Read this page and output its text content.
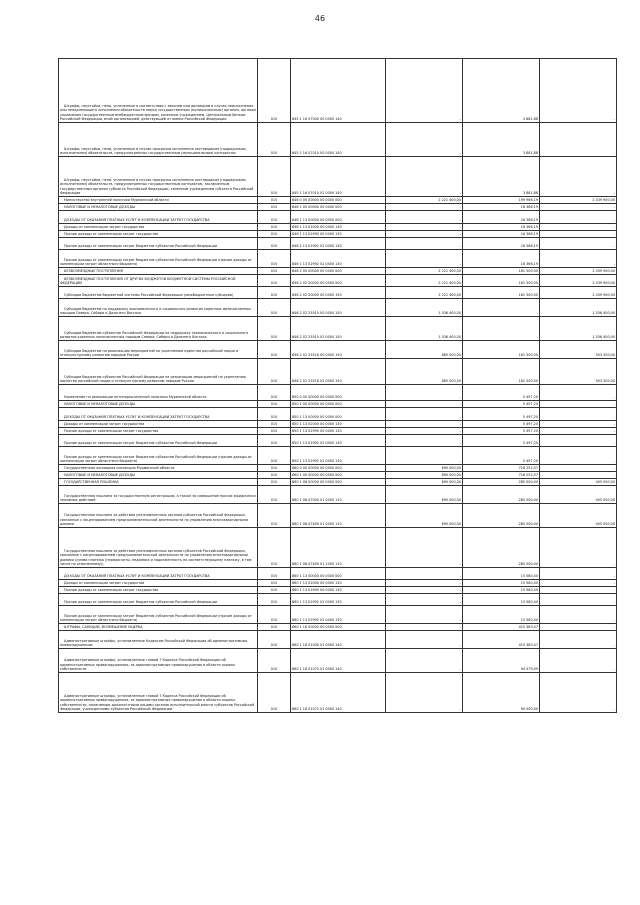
46
Штрафы, неустойки, пени, уплаченные в соответствии с законом или договором в случае неисполнения или ненадлежащего исполнения обязательств перед государственным (муниципальным) органом, органом управления государственным внебюджетным фондом, казенным учреждением, Центральным банком Российской Федерации, иной организацией, действующей от имени Российской Федерации	010	845 1 16 07000 00 0000 140	-	3 881,88	-

Штрафы, неустойки, пени, уплаченные в случае просрочки исполнения поставщиком (подрядчиком, исполнителем) обязательств, предусмотренных государственным (муниципальным) контрактом	010	845 1 16 07010 00 0000 140	-	3 881,88	-

Штрафы, неустойки, пени, уплаченные в случае просрочки исполнения поставщиком (подрядчиком, исполнителем) обязательств, предусмотренных государственным контрактом, заключенным государственным органом субъекта Российской Федерации, казенным учреждением субъекта Российской Федерации	010	845 1 16 07010 02 0000 140	-	3 881,88	-

Министерство внутренней политики Мурманской области	010	846 0 00 00000 00 0000 000	2 221 400,00	199 966,19	2 039 900,00

НАЛОГОВЫЕ И НЕНАЛОГОВЫЕ ДОХОДЫ	010	846 1 00 00000 00 0000 000	-	16 366,19	-

ДОХОДЫ ОТ ОКАЗАНИЯ ПЛАТНЫХ УСЛУГ И КОМПЕНСАЦИИ ЗАТРАТ ГОСУДАРСТВА	010	846 1 13 00000 00 0000 000	-	16 366,19	-

Доходы от компенсации затрат государства	010	846 1 13 02000 00 0000 130	-	16 366,19	-

Прочие доходы от компенсации затрат государства	010	846 1 13 02990 00 0000 130	-	16 366,19	-

Прочие доходы от компенсации затрат бюджетов субъектов Российской Федерации	010	846 1 13 02992 02 0000 130	-	16 366,19	-

Прочие доходы от компенсации затрат бюджетов субъектов Российской Федерации (прочие доходы от компенсации затрат областного бюджета)	010	846 1 13 02992 02 0400 130	-	16 366,19	-

БЕЗВОЗМЕЗДНЫЕ ПОСТУПЛЕНИЯ	010	846 2 00 00000 00 0000 000	2 221 400,00	181 500,00	2 039 900,00

БЕЗВОЗМЕЗДНЫЕ ПОСТУПЛЕНИЯ ОТ ДРУГИХ БЮДЖЕТОВ БЮДЖЕТНОЙ СИСТЕМЫ РОССИЙСКОЙ ФЕДЕРАЦИИ	010	846 2 02 00000 00 0000 000	2 221 400,00	181 500,00	2 039 900,00

Субсидии бюджетам бюджетной системы Российской Федерации (межбюджетные субсидии)	010	846 2 02 20000 00 0000 150	2 221 400,00	181 500,00	2 039 900,00

Субсидии бюджетам на поддержку экономического и социального развития коренных малочисленных народов Севера, Сибири и Дальнего Востока	010	846 2 02 25515 00 0000 150	1 536 400,00	-	1 536 400,00

Субсидии бюджетам субъектов Российской Федерации на поддержку экономического и социального развития коренных малочисленных народов Севера, Сибири и Дальнего Востока	010	846 2 02 25515 02 0000 150	1 536 400,00	-	1 536 400,00

Субсидии бюджетам на реализацию мероприятий по укреплению единства российской нации и этнокультурному развитию народов России	010	846 2 02 25516 00 0000 150	685 000,00	181 500,00	503 500,00

Субсидии бюджетам субъектов Российской Федерации на реализацию мероприятий по укреплению единства российской нации и этнокультурному развитию народов России	010	846 2 02 25516 02 0000 150	685 000,00	181 500,00	503 500,00

Управление по реализации антинаркотической политики Мурманской области	010	850 0 00 00000 00 0000 000	-	5 497,20	-

НАЛОГОВЫЕ И НЕНАЛОГОВЫЕ ДОХОДЫ	010	850 1 00 00000 00 0000 000	-	5 497,20	-

ДОХОДЫ ОТ ОКАЗАНИЯ ПЛАТНЫХ УСЛУГ И КОМПЕНСАЦИИ ЗАТРАТ ГОСУДАРСТВА	010	850 1 13 00000 00 0000 000	-	5 497,20	-

Доходы от компенсации затрат государства	010	850 1 13 02000 00 0000 130	-	5 497,20	-

Прочие доходы от компенсации затрат государства	010	850 1 13 02990 00 0000 130	-	5 497,20	-

Прочие доходы от компенсации затрат бюджетов субъектов Российской Федерации	010	850 1 13 02992 02 0000 130	-	5 497,20	-

Прочие доходы от компенсации затрат бюджетов субъектов Российской Федерации (прочие доходы от компенсации затрат областного бюджета)	010	850 1 13 02992 02 0400 130	-	5 497,20	-

Государственная жилищная инспекция Мурманской области	010	860 0 00 00000 00 0000 000	690 000,00	716 252,57	-

НАЛОГОВЫЕ И НЕНАЛОГОВЫЕ ДОХОДЫ	010	860 1 00 00000 00 0000 000	690 000,00	716 252,57	-

ГОСУДАРСТВЕННАЯ ПОШЛИНА	010	860 1 08 00000 00 0000 000	690 000,00	285 000,00	405 000,00

Государственная пошлина за государственную регистрацию, а также за совершение прочих юридически значимых действий	010	860 1 08 07000 01 0000 110	690 000,00	285 000,00	405 000,00

Государственная пошлина за действия уполномоченных органов субъектов Российской Федерации, связанные с лицензированием предпринимательской деятельности по управлению многоквартирными домами	010	860 1 08 07400 01 0000 110	690 000,00	285 000,00	405 000,00

Государственная пошлина за действия уполномоченных органов субъектов Российской Федерации, связанные с лицензированием предпринимательской деятельности по управлению многоквартирными домами (сумма платежа (перерасчеты, недоимка и задолженность по соответствующему платежу, в том числе по отмененному))	010	860 1 08 07400 01 1000 110	-	285 000,00	-

ДОХОДЫ ОТ ОКАЗАНИЯ ПЛАТНЫХ УСЛУГ И КОМПЕНСАЦИИ ЗАТРАТ ГОСУДАРСТВА	010	860 1 13 00000 00 0000 000	-	15 580,40	-

Доходы от компенсации затрат государства	010	860 1 13 02000 00 0000 130	-	15 580,40	-

Прочие доходы от компенсации затрат государства	010	860 1 13 02990 00 0000 130	-	15 580,40	-

Прочие доходы от компенсации затрат бюджетов субъектов Российской Федерации	010	860 1 13 02992 02 0000 130	-	15 580,40	-

Прочие доходы от компенсации затрат бюджетов субъектов Российской Федерации (прочие доходы от компенсации затрат областного бюджета)	010	860 1 13 02992 02 0400 130	-	15 580,40	-

ШТРАФЫ, САНКЦИИ, ВОЗМЕЩЕНИЕ УЩЕРБА	010	860 1 16 00000 00 0000 000	-	415 383,47	-

Административные штрафы, установленные Кодексом Российской Федерации об административных правонарушениях	010	860 1 16 01000 01 0000 140	-	415 383,47	-

Административные штрафы, установленные главой 7 Кодекса Российской Федерации об административных правонарушениях, за административные правонарушения в области охраны собственности	010	860 1 16 01070 01 0000 140	-	94 479,09	-

Административные штрафы, установленные главой 7 Кодекса Российской Федерации об административных правонарушениях, за административные правонарушения в области охраны собственности, налагаемые должностными лицами органов исполнительной власти субъектов Российской Федерации, учреждениями субъектов Российской Федерации	010	860 1 16 01072 01 0000 140	-	90 000,00	-
